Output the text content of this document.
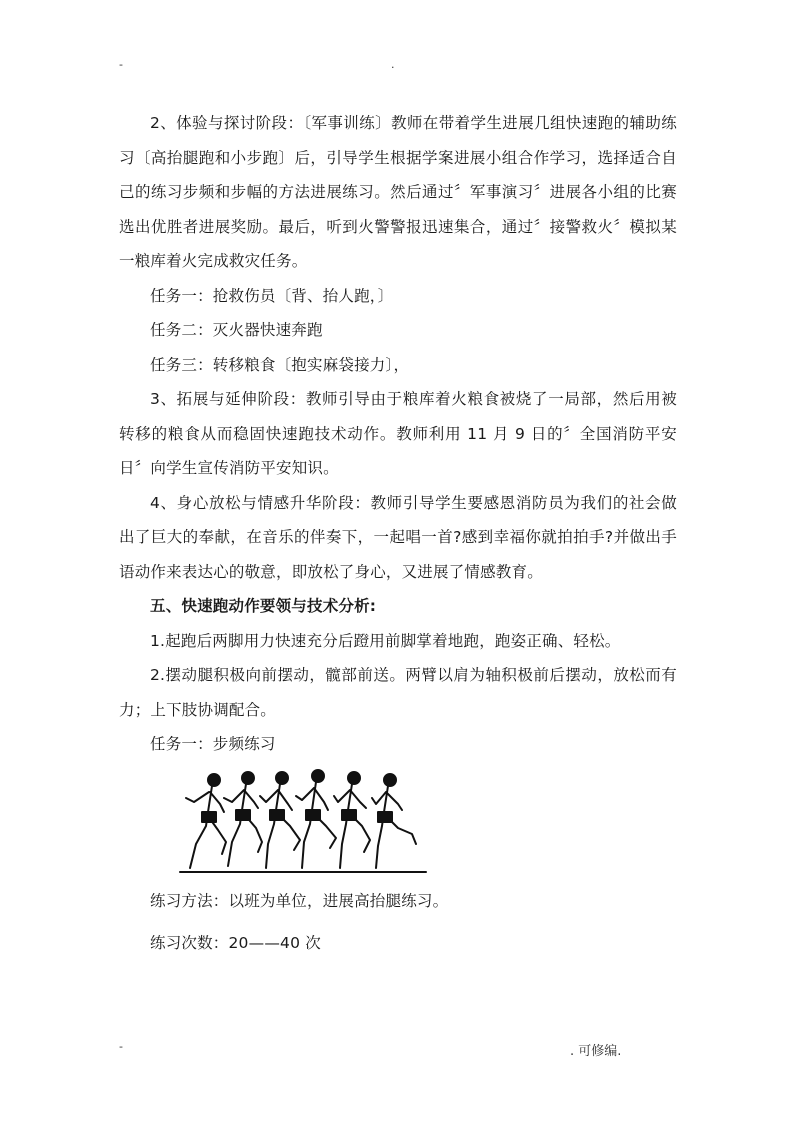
-	.

2、体验与探讨阶段：〔军事训练〕教师在带着学生进展几组快速跑的辅助练习〔高抬腿跑和小步跑〕后，引导学生根据学案进展小组合作学习，选择适合自己的练习步频和步幅的方法进展练习。然后通过〞军事演习〞进展各小组的比赛选出优胜者进展奖励。最后，听到火警警报迅速集合，通过〞接警救火〞模拟某一粮库着火完成救灾任务。

任务一：抢救伤员〔背、抬人跑，〕

任务二：灭火器快速奔跑

任务三：转移粮食〔抱实麻袋接力〕，

3、拓展与延伸阶段：教师引导由于粮库着火粮食被烧了一局部，然后用被转移的粮食从而稳固快速跑技术动作。教师利用 11 月 9 日的〞全国消防平安日〞向学生宣传消防平安知识。

4、身心放松与情感升华阶段：教师引导学生要感恩消防员为我们的社会做出了巨大的奉献，在音乐的伴奏下，一起唱一首?感到幸福你就拍拍手?并做出手语动作来表达心的敬意，即放松了身心，又进展了情感教育。

五、快速跑动作要领与技术分析:

1.起跑后两脚用力快速充分后蹬用前脚掌着地跑，跑姿正确、轻松。

2.摆动腿积极向前摆动，髋部前送。两臂以肩为轴积极前后摆动，放松而有力；上下肢协调配合。

任务一：步频练习

练习方法：以班为单位，进展高抬腿练习。

练习次数：20——40 次

-	. 可修编.
